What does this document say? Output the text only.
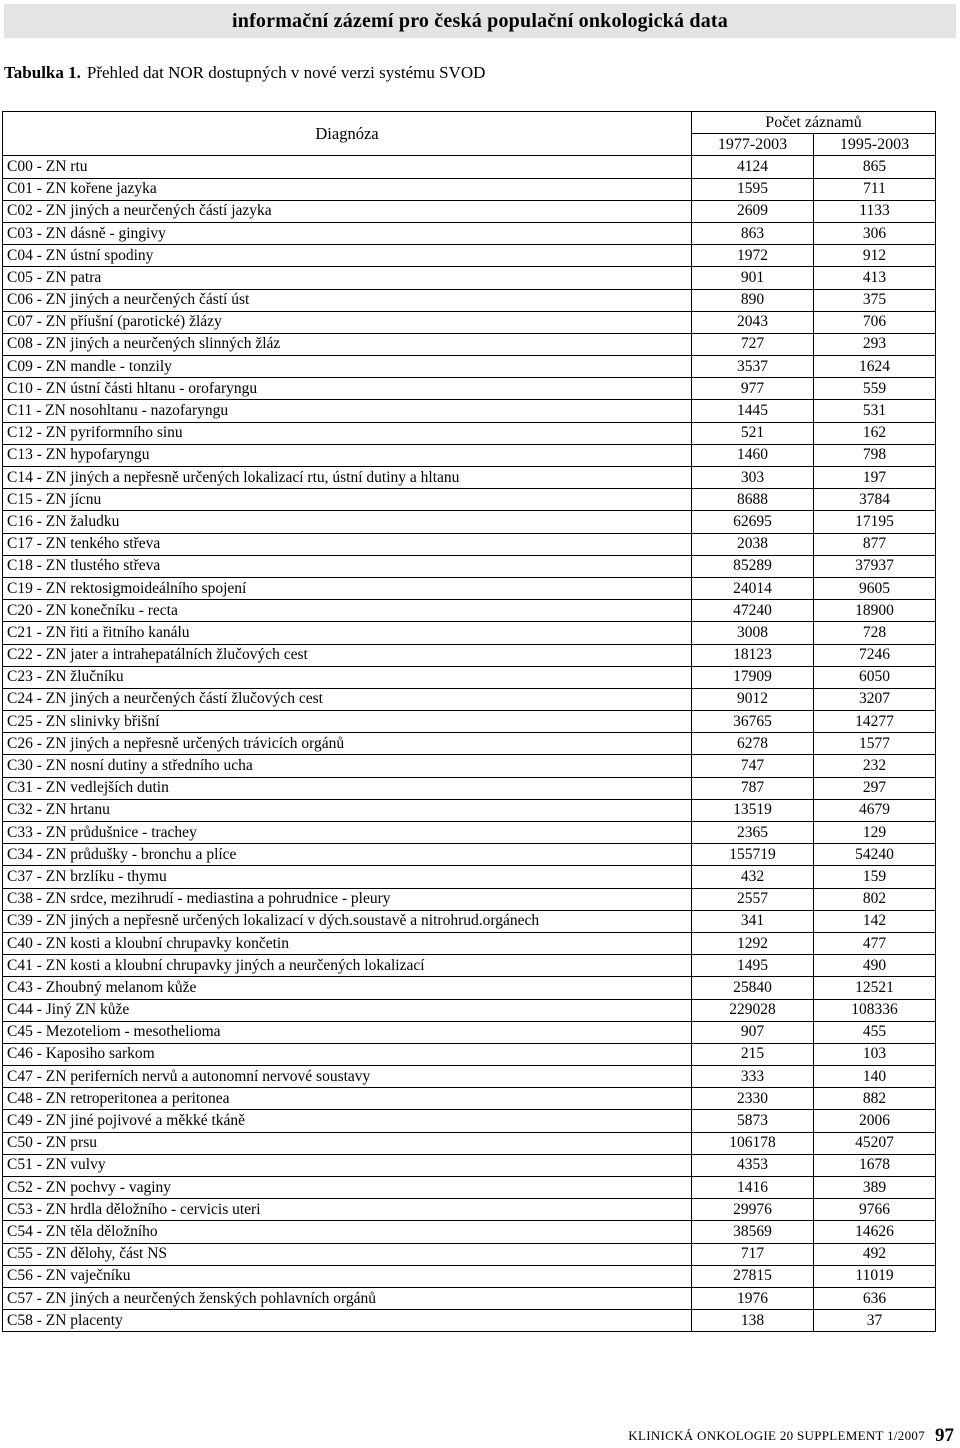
informační zázemí pro česká populační onkologická data
Tabulka 1. Přehled dat NOR dostupných v nové verzi systému SVOD
Diagnóza	Počet záznamů	
	1977-2003	1995-2003
C00 - ZN rtu	4124	865
C01 - ZN kořene jazyka	1595	711
C02 - ZN jiných a neurčených částí jazyka	2609	1133
C03 - ZN dásně - gingivy	863	306
C04 - ZN ústní spodiny	1972	912
C05 - ZN patra	901	413
C06 - ZN jiných a neurčených částí úst	890	375
C07 - ZN příušní (parotické) žlázy	2043	706
C08 - ZN jiných a neurčených slinných žláz	727	293
C09 - ZN mandle - tonzily	3537	1624
C10 - ZN ústní části hltanu - orofaryngu	977	559
C11 - ZN nosohltanu - nazofaryngu	1445	531
C12 - ZN pyriformního sinu	521	162
C13 - ZN hypofaryngu	1460	798
C14 - ZN jiných a nepřesně určených lokalizací rtu, ústní dutiny a hltanu	303	197
C15 - ZN jícnu	8688	3784
C16 - ZN žaludku	62695	17195
C17 - ZN tenkého střeva	2038	877
C18 - ZN tlustého střeva	85289	37937
C19 - ZN rektosigmoideálního spojení	24014	9605
C20 - ZN konečníku - recta	47240	18900
C21 - ZN řiti a řitního kanálu	3008	728
C22 - ZN jater a intrahepatálních žlučových cest	18123	7246
C23 - ZN žlučníku	17909	6050
C24 - ZN jiných a neurčených částí žlučových cest	9012	3207
C25 - ZN slinivky břišní	36765	14277
C26 - ZN jiných a nepřesně určených trávicích orgánů	6278	1577
C30 - ZN nosní dutiny a středního ucha	747	232
C31 - ZN vedlejších dutin	787	297
C32 - ZN hrtanu	13519	4679
C33 - ZN průdušnice - trachey	2365	129
C34 - ZN průdušky - bronchu a plíce	155719	54240
C37 - ZN brzlíku - thymu	432	159
C38 - ZN srdce, mezihrudí - mediastina a pohrudnice - pleury	2557	802
C39 - ZN jiných a nepřesně určených lokalizací v dých.soustavě a nitrohrud.orgánech	341	142
C40 - ZN kosti a kloubní chrupavky končetin	1292	477
C41 - ZN kosti a kloubní chrupavky jiných a neurčených lokalizací	1495	490
C43 - Zhoubný melanom kůže	25840	12521
C44 - Jiný ZN kůže	229028	108336
C45 - Mezoteliom - mesothelioma	907	455
C46 - Kaposiho sarkom	215	103
C47 - ZN periferních nervů a autonomní nervové soustavy	333	140
C48 - ZN retroperitonea a peritonea	2330	882
C49 - ZN jiné pojivové a měkké tkáně	5873	2006
C50 - ZN prsu	106178	45207
C51 - ZN vulvy	4353	1678
C52 - ZN pochvy - vaginy	1416	389
C53 - ZN hrdla děložního - cervicis uteri	29976	9766
C54 - ZN těla děložního	38569	14626
C55 - ZN dělohy, část NS	717	492
C56 - ZN vaječníku	27815	11019
C57 - ZN jiných a neurčených ženských pohlavních orgánů	1976	636
C58 - ZN placenty	138	37
KLINICKÁ ONKOLOGIE 20 SUPPLEMENT 1/2007 97
